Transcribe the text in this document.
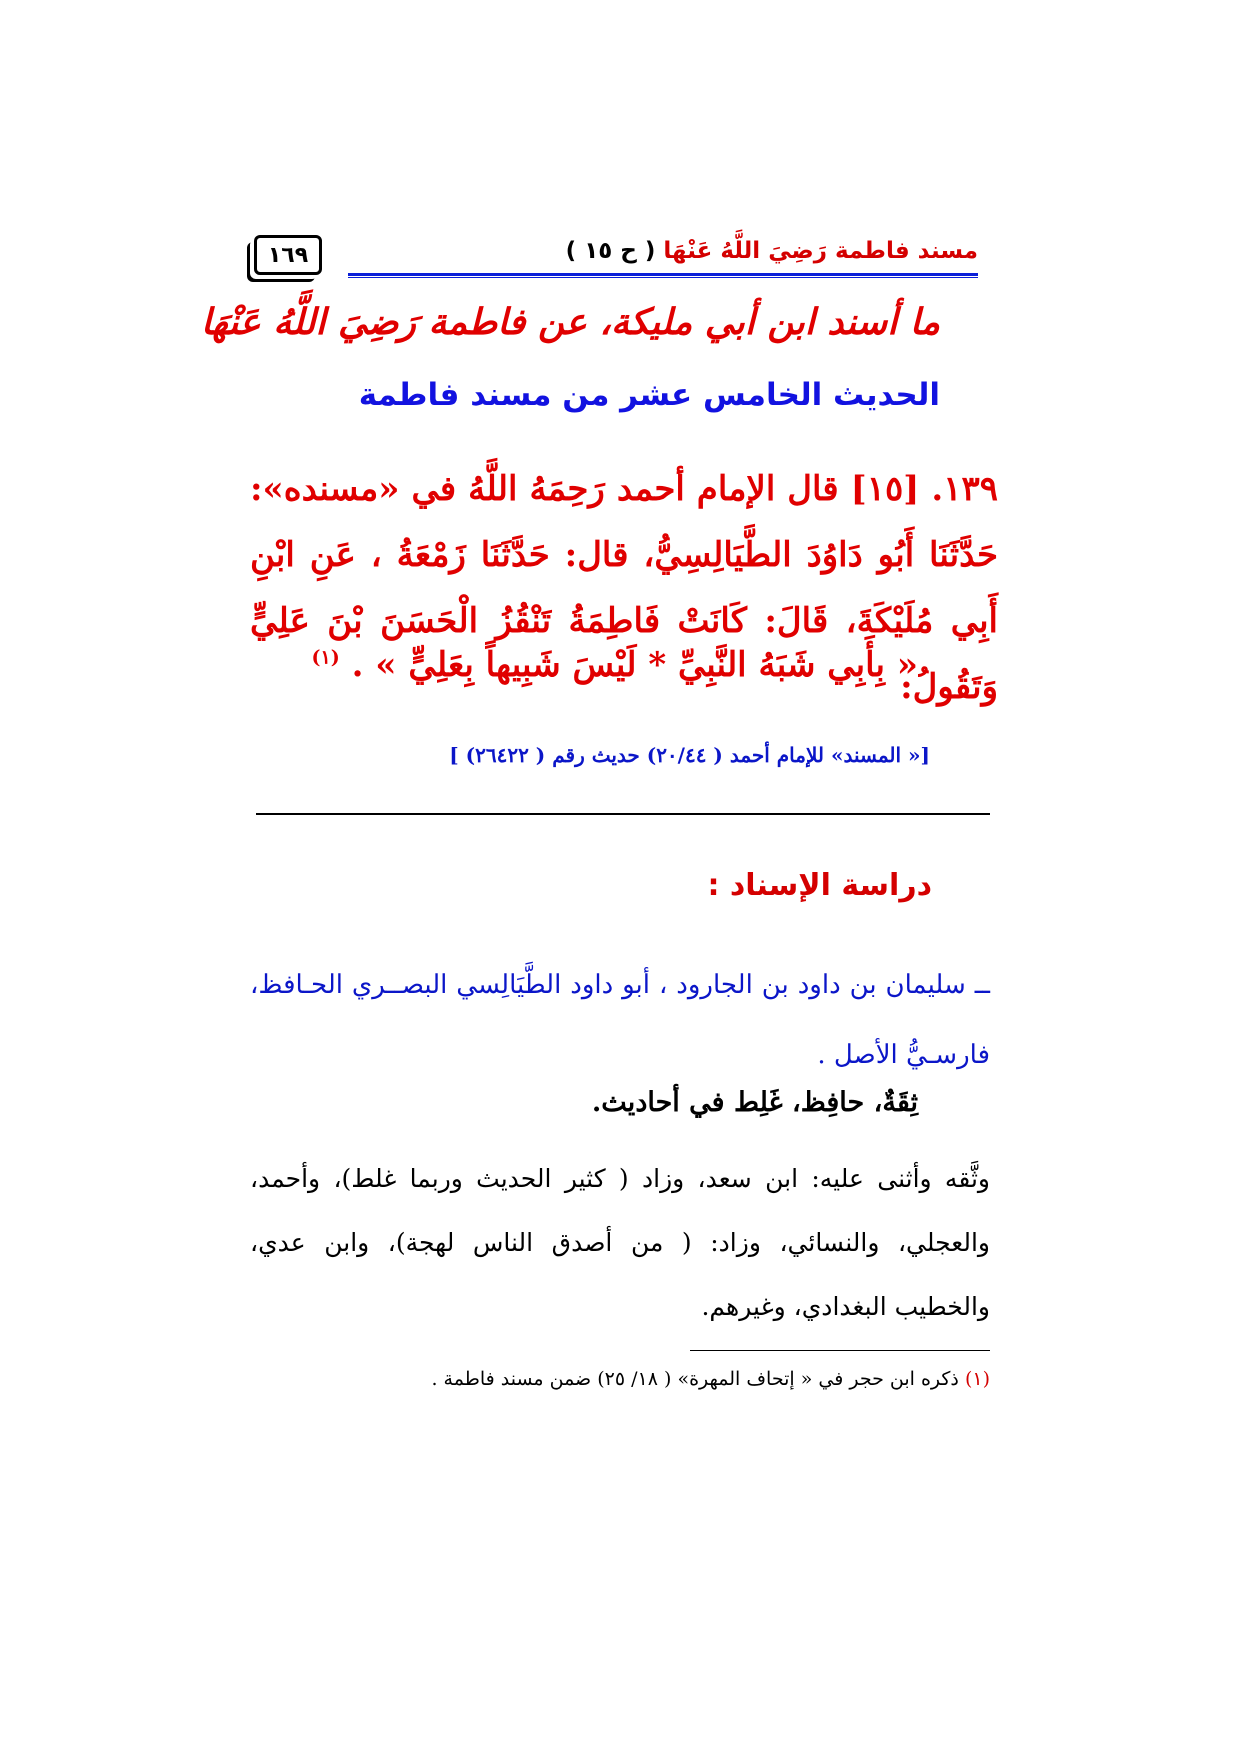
١٦٩	مسند فاطمة رَضِيَ اللَّهُ عَنْهَا ( ح ١٥ )
ما أسند ابن أبي مليكة، عن فاطمة رَضِيَ اللَّهُ عَنْهَا
الحديث الخامس عشر من مسند فاطمة

١٣٩. [١٥] قال الإمام أحمد رَحِمَهُ اللَّهُ في «مسنده»: حَدَّثَنَا أَبُو دَاوُدَ الطَّيَالِسِيُّ، قال: حَدَّثَنَا زَمْعَةُ ، عَنِ ابْنِ أَبِي مُلَيْكَةَ، قَالَ: كَانَتْ فَاطِمَةُ تَنْقُزُ الْحَسَنَ بْنَ عَلِيٍّ وَتَقُولُ:

« بِأَبِي شَبَهُ النَّبِيِّ * لَيْسَ شَبِيهاً بِعَلِيٍّ » . $^{(١)}$
[« المسند» للإمام أحمد ( ٢٠/٤٤) حديث رقم ( ٢٦٤٢٢) ]
دراسة الإسناد :

ــ سليمان بن داود بن الجارود ، أبو داود الطَّيَالِسي البصــري الحـافظ، فارسـيُّ الأصل .

ثِقَةٌ، حافِظ، غَلِط في أحاديث.

وثَّقه وأثنى عليه: ابن سعد، وزاد ( كثير الحديث وربما غلط)، وأحمد، والعجلي، والنسائي، وزاد: ( من أصدق الناس لهجة)، وابن عدي، والخطيب البغدادي، وغيرهم.

(١) ذكره ابن حجر في « إتحاف المهرة» ( ١٨/ ٢٥) ضمن مسند فاطمة .
